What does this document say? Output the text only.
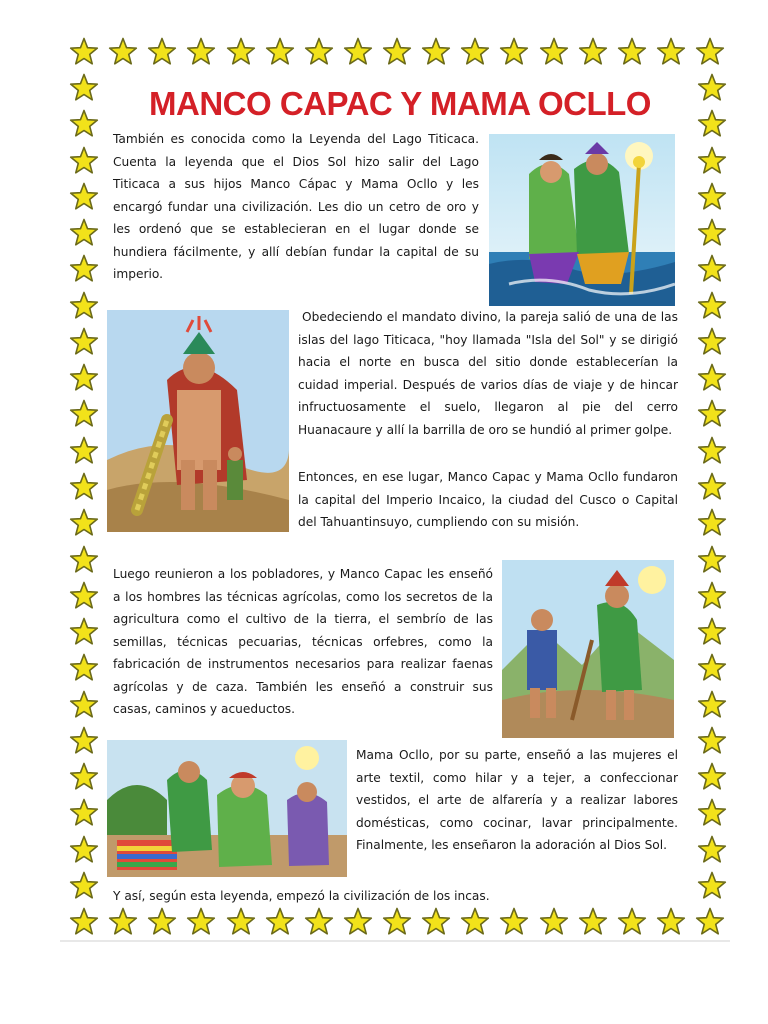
MANCO CAPAC Y MAMA OCLLO

También es conocida como la Leyenda del Lago Titicaca. Cuenta la leyenda que el Dios Sol hizo salir del Lago Titicaca a sus hijos Manco Cápac y Mama Ocllo y les encargó fundar una civilización. Les dio un cetro de oro y les ordenó que se establecieran en el lugar donde se hundiera fácilmente, y allí debían fundar la capital de su imperio.

Obedeciendo el mandato divino, la pareja salió de una de las islas del lago Titicaca, "hoy llamada "Isla del Sol" y se dirigió hacia el norte en busca del sitio donde establecerían la cuidad imperial. Después de varios días de viaje y de hincar infructuosamente el suelo, llegaron al pie del cerro Huanacaure y allí la barrilla de oro se hundió al primer golpe.

Entonces, en ese lugar, Manco Capac y Mama Ocllo fundaron la capital del Imperio Incaico, la ciudad del Cusco o Capital del Tahuantinsuyo, cumpliendo con su misión.

Luego reunieron a los pobladores, y Manco Capac les enseñó a los hombres las técnicas agrícolas, como los secretos de la agricultura como el cultivo de la tierra, el sembrío de las semillas, técnicas pecuarias, técnicas orfebres, como la fabricación de instrumentos necesarios para realizar faenas agrícolas y de caza. También les enseñó a construir sus casas, caminos y acueductos.

Mama Ocllo, por su parte, enseñó a las mujeres el arte textil, como hilar y a tejer, a confeccionar vestidos, el arte de alfarería y a realizar labores domésticas, como cocinar, lavar principalmente. Finalmente, les enseñaron la adoración al Dios Sol.

Y así, según esta leyenda, empezó la civilización de los incas.
